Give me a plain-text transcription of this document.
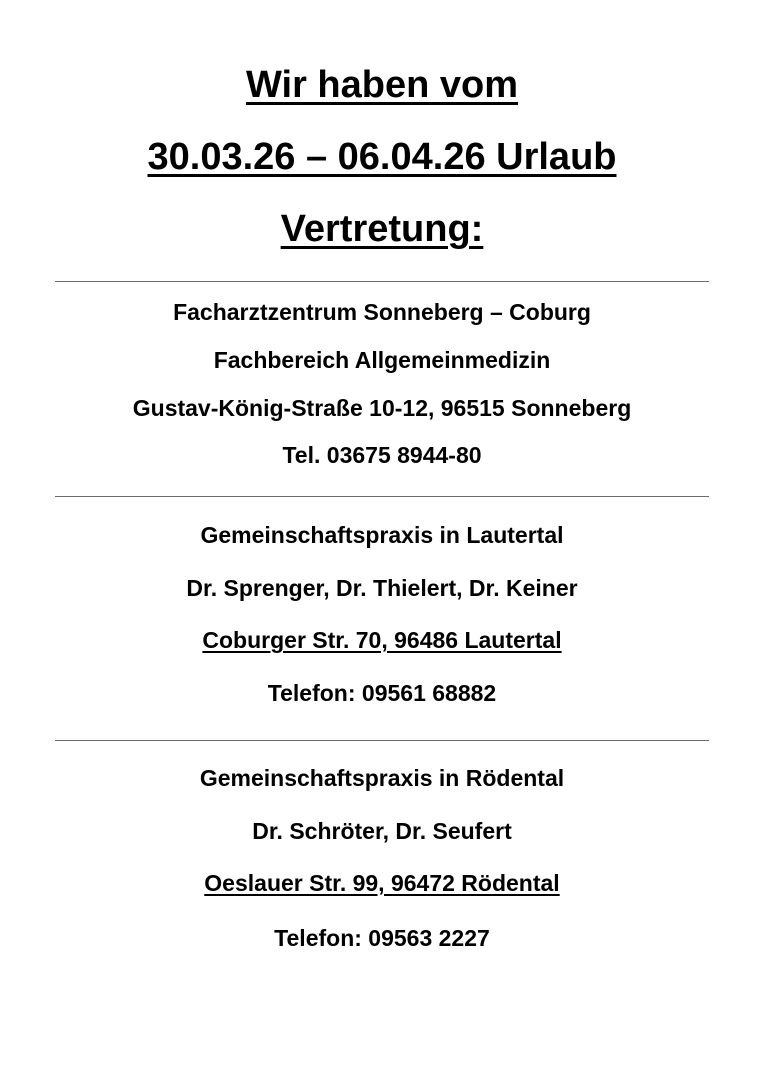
Wir haben vom
30.03.26 – 06.04.26 Urlaub
Vertretung:
Facharztzentrum Sonneberg – Coburg
Fachbereich Allgemeinmedizin
Gustav-König-Straße 10-12, 96515 Sonneberg
Tel. 03675 8944-80
Gemeinschaftspraxis in Lautertal
Dr. Sprenger, Dr. Thielert, Dr. Keiner
Coburger Str. 70, 96486 Lautertal
Telefon: 09561 68882
Gemeinschaftspraxis in Rödental
Dr. Schröter, Dr. Seufert
Oeslauer Str. 99, 96472 Rödental
Telefon: 09563 2227
